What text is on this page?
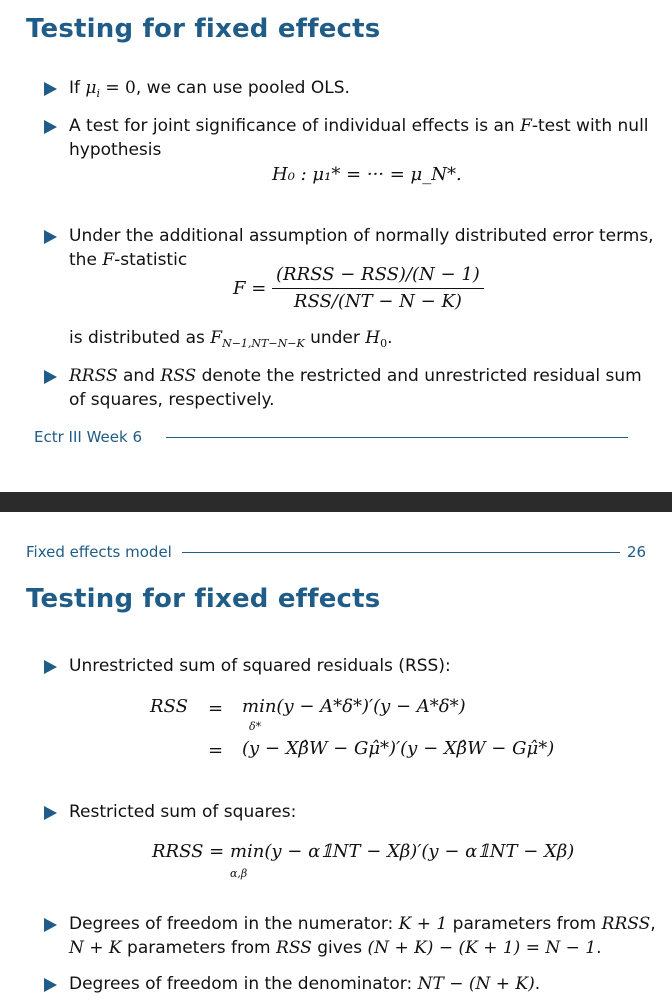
Testing for fixed effects
If $\mu_i = 0$, we can use pooled OLS.
A test for joint significance of individual effects is an F-test with null hypothesis
H₀ : μ₁* = ··· = μ_N*.
Under the additional assumption of normally distributed error terms, the F-statistic
$F = \frac{\text{(RRSS − RSS)/(N − 1)}}{\text{RSS/(NT − N − K)}}$
is distributed as $F_{N-1,NT-N-K}$ under $H_0$.
RRSS and RSS denote the restricted and unrestricted residual sum of squares, respectively.
Ectr III Week 6
Fixed effects model	26
Testing for fixed effects
Unrestricted sum of squared residuals (RSS):
RSS = min(y − A*δ*)′(y − A*δ*)
δ*
= (y − Xβ̂W − Gμ̂*)′(y − Xβ̂W − Gμ̂*)
Restricted sum of squares:
RRSS = min(y − α𝟙NT − Xβ)′(y − α𝟙NT − Xβ)
α,β
Degrees of freedom in the numerator: K + 1 parameters from RRSS,
N + K parameters from RSS gives (N + K) − (K + 1) = N − 1.
Degrees of freedom in the denominator: NT − (N + K).
